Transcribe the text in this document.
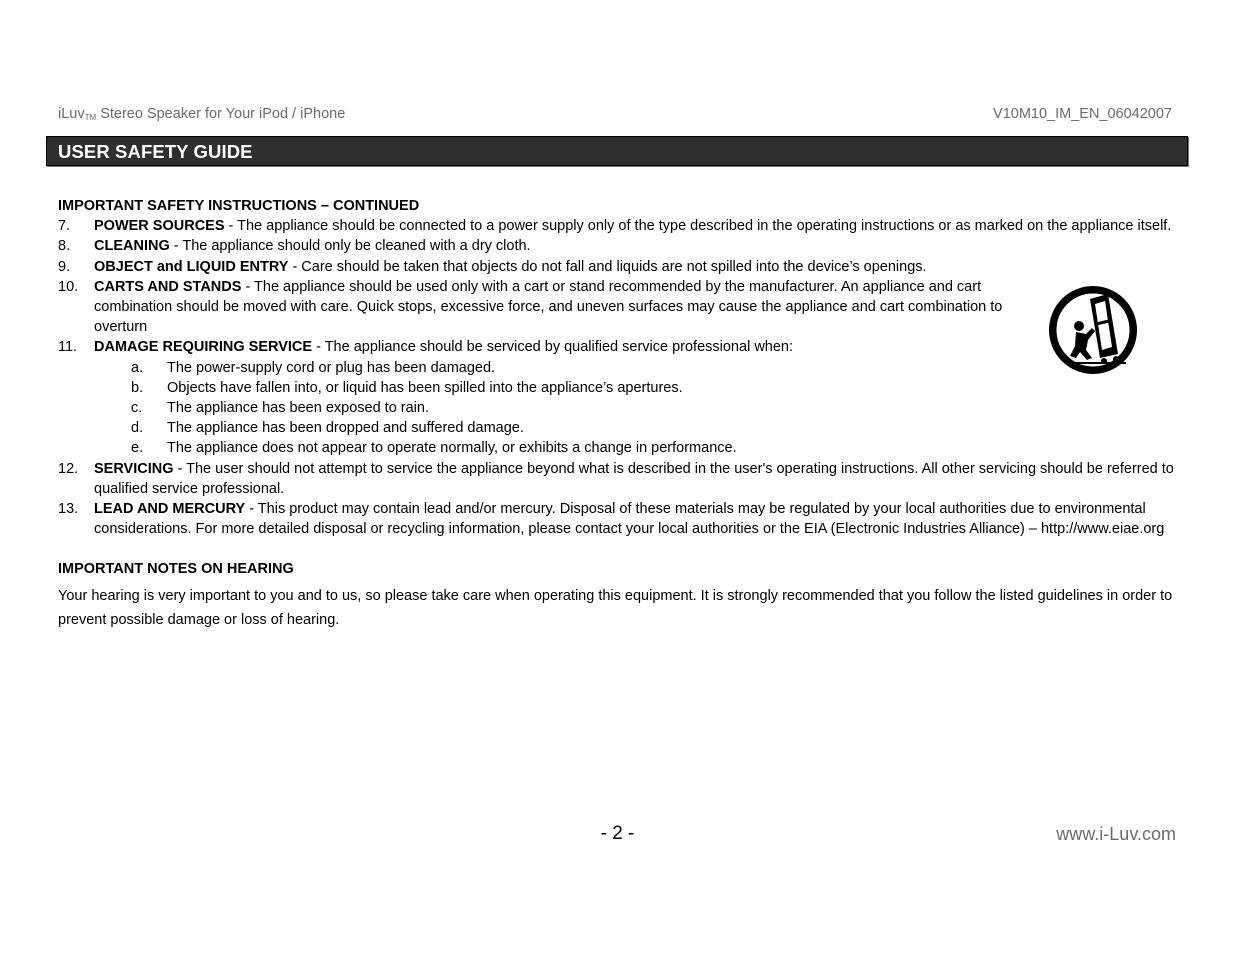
iLuv$_{TM}$ Stereo Speaker for Your iPod / iPhone	V10M10_IM_EN_06042007
USER SAFETY GUIDE
IMPORTANT SAFETY INSTRUCTIONS – CONTINUED
7. POWER SOURCES - The appliance should be connected to a power supply only of the type described in the operating instructions or as marked on the appliance itself.
8. CLEANING - The appliance should only be cleaned with a dry cloth.
9. OBJECT and LIQUID ENTRY - Care should be taken that objects do not fall and liquids are not spilled into the device’s openings.
10. CARTS AND STANDS - The appliance should be used only with a cart or stand recommended by the manufacturer. An appliance and cart combination should be moved with care. Quick stops, excessive force, and uneven surfaces may cause the appliance and cart combination to overturn
11. DAMAGE REQUIRING SERVICE - The appliance should be serviced by qualified service professional when:
a. The power-supply cord or plug has been damaged.
b. Objects have fallen into, or liquid has been spilled into the appliance’s apertures.
c. The appliance has been exposed to rain.
d. The appliance has been dropped and suffered damage.
e. The appliance does not appear to operate normally, or exhibits a change in performance.
12. SERVICING - The user should not attempt to service the appliance beyond what is described in the user's operating instructions. All other servicing should be referred to qualified service professional.
13. LEAD AND MERCURY - This product may contain lead and/or mercury. Disposal of these materials may be regulated by your local authorities due to environmental considerations. For more detailed disposal or recycling information, please contact your local authorities or the EIA (Electronic Industries Alliance) – http://www.eiae.org
IMPORTANT NOTES ON HEARING
Your hearing is very important to you and to us, so please take care when operating this equipment. It is strongly recommended that you follow the listed guidelines in order to prevent possible damage or loss of hearing.
- 2 -	www.i-Luv.com
